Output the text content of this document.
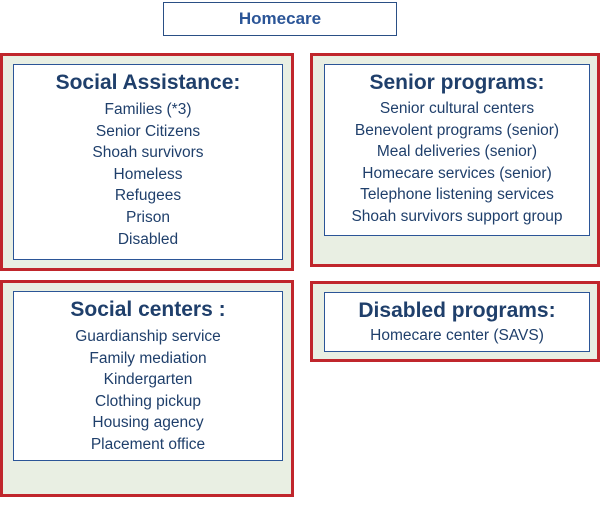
Homecare
Social Assistance:
Families (*3)
Senior Citizens
Shoah survivors
Homeless
Refugees
Prison
Disabled
Senior programs:
Senior cultural centers
Benevolent programs (senior)
Meal deliveries (senior)
Homecare services (senior)
Telephone listening services
Shoah survivors support group
Social centers :
Guardianship service
Family mediation
Kindergarten
Clothing pickup
Housing agency
Placement office
Disabled programs:
Homecare center (SAVS)
